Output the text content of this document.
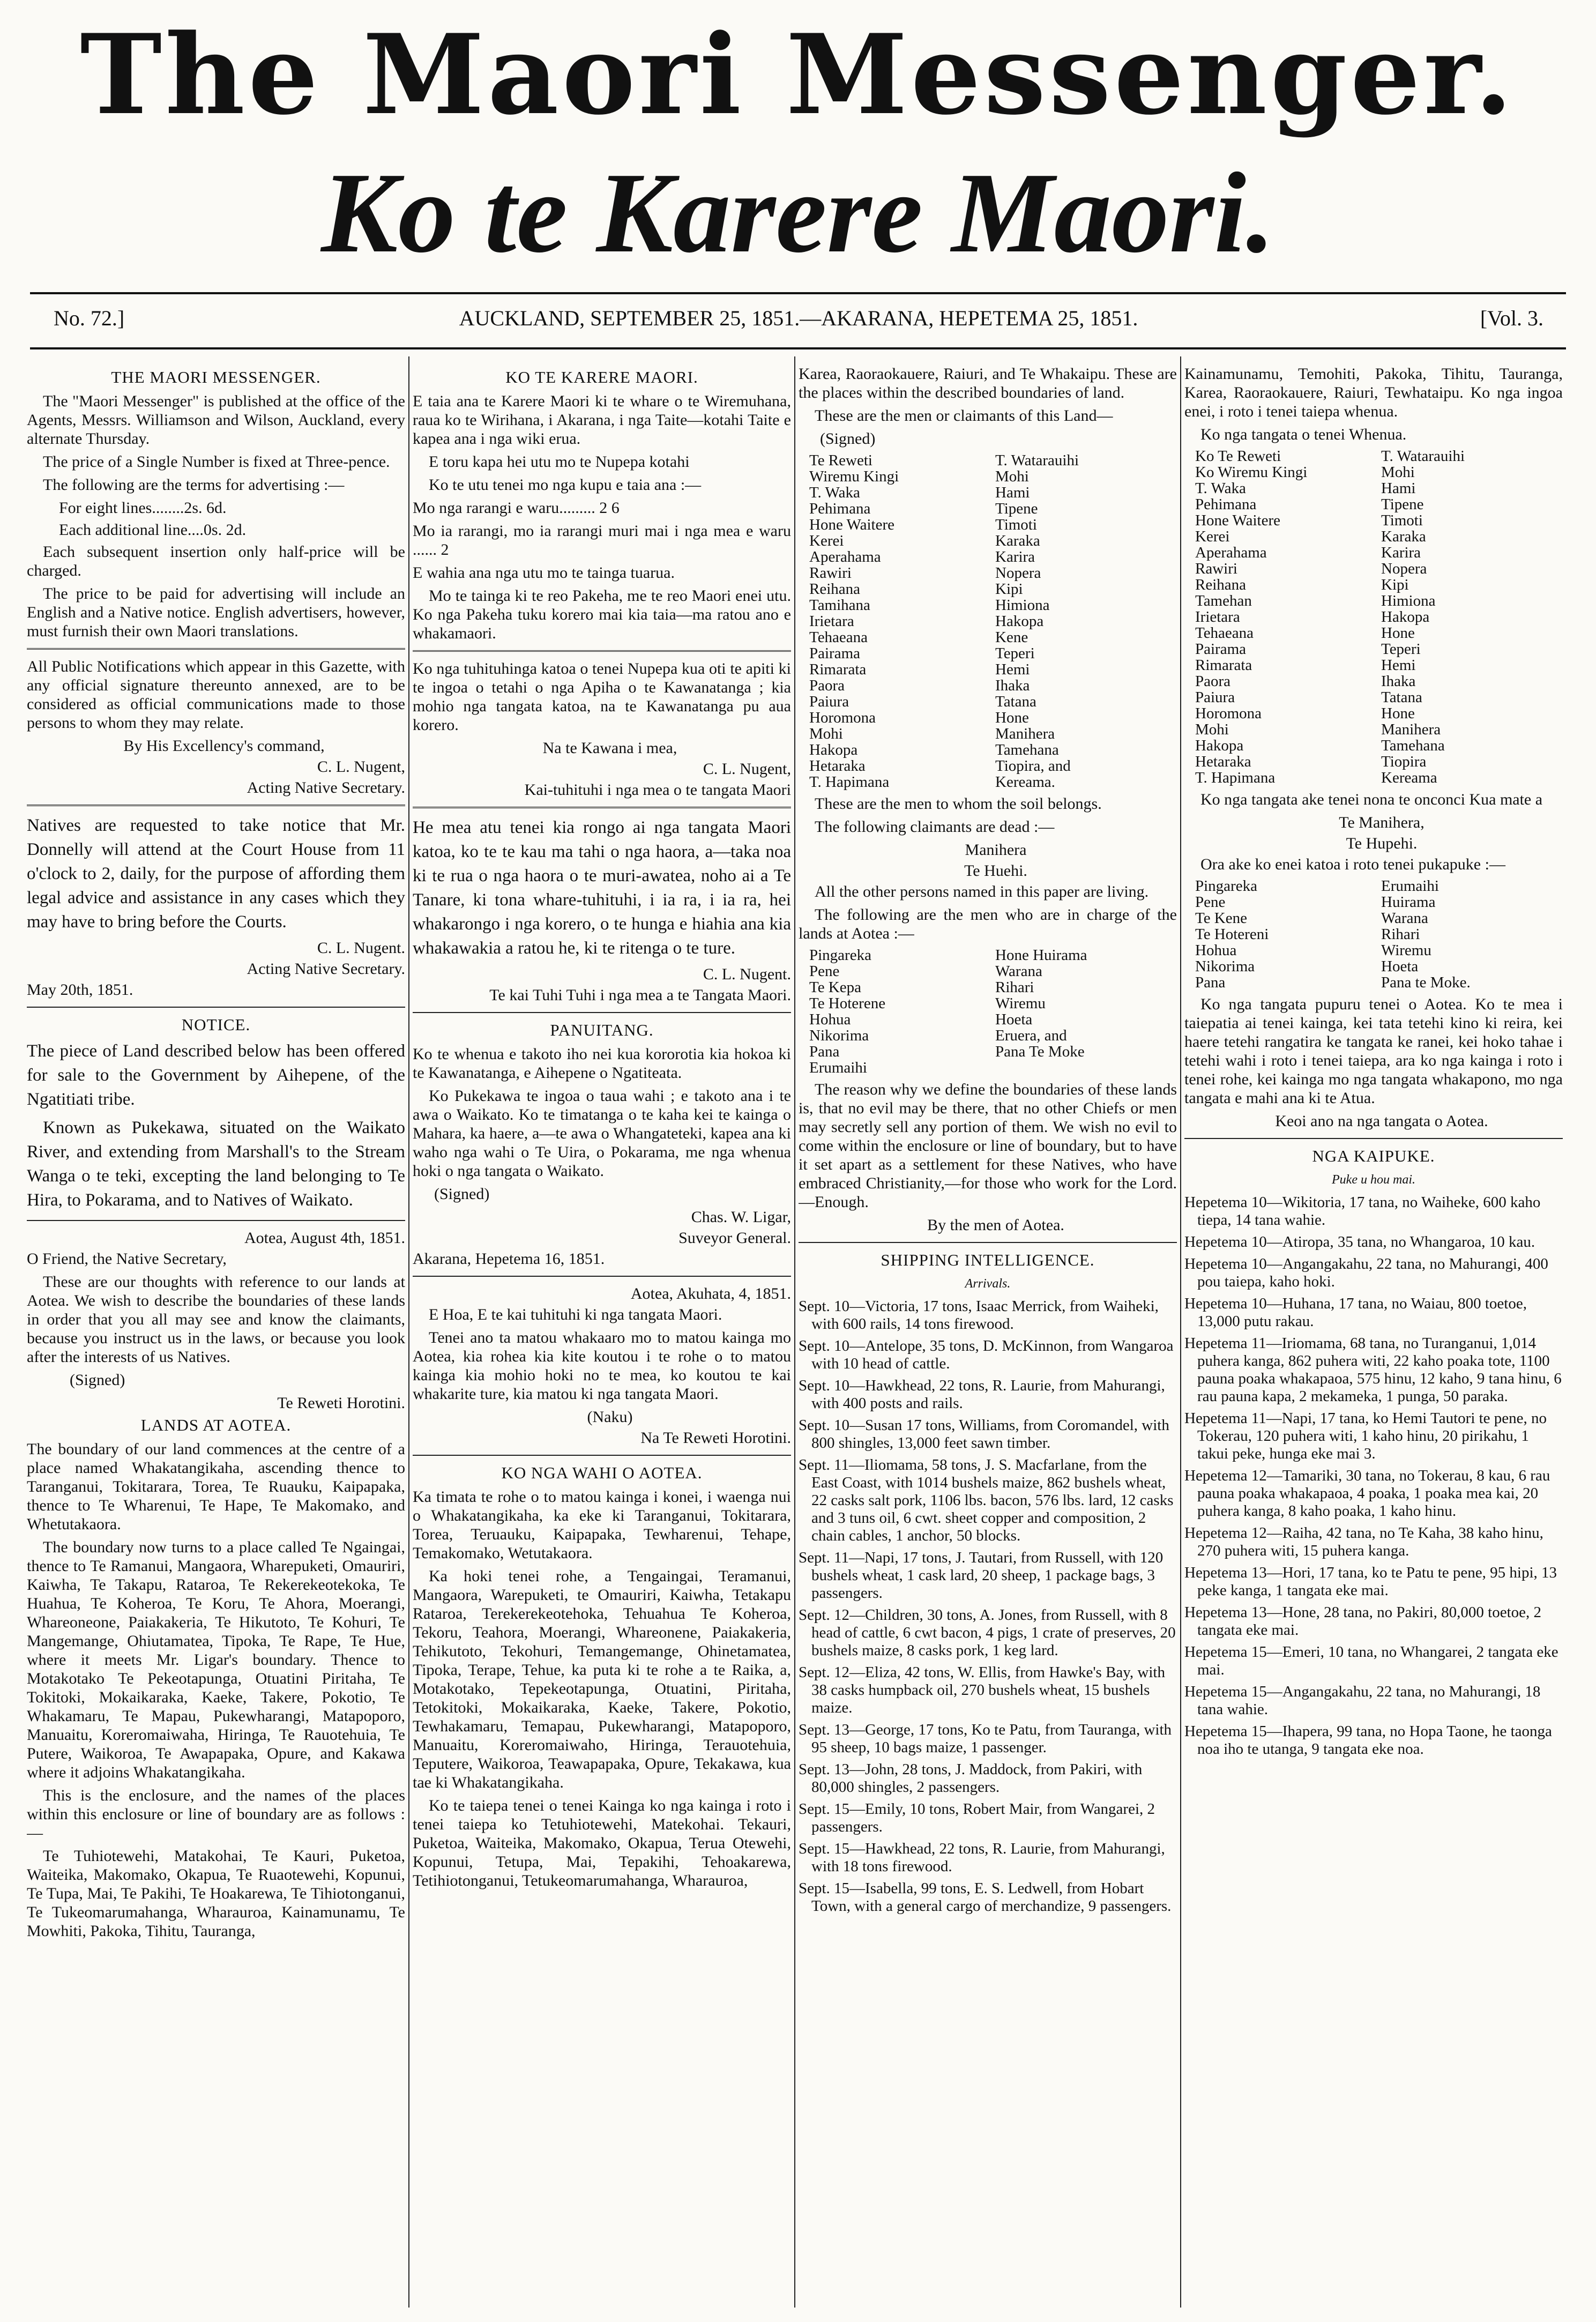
The Maori Messenger.
Ko te Karere Maori.
No. 72.]	AUCKLAND, SEPTEMBER 25, 1851.—AKARANA, HEPETEMA 25, 1851.	[Vol. 3.
THE MAORI MESSENGER.

The "Maori Messenger" is published at the office of the Agents, Messrs. Williamson and Wilson, Auckland, every alternate Thursday.

The price of a Single Number is fixed at Three-pence.

The following are the terms for advertising :—

For eight lines........2s. 6d.

Each additional line....0s. 2d.

Each subsequent insertion only half-price will be charged.

The price to be paid for advertising will include an English and a Native notice. English advertisers, however, must furnish their own Maori translations.

All Public Notifications which appear in this Gazette, with any official signature thereunto annexed, are to be considered as official communications made to those persons to whom they may relate.

By His Excellency's command,

C. L. Nugent,

Acting Native Secretary.

Natives are requested to take notice that Mr. Donnelly will attend at the Court House from 11 o'clock to 2, daily, for the purpose of affording them legal advice and assistance in any cases which they may have to bring before the Courts.

C. L. Nugent.

Acting Native Secretary.

May 20th, 1851.

NOTICE.

The piece of Land described below has been offered for sale to the Government by Aihepene, of the Ngatitiati tribe.

Known as Pukekawa, situated on the Waikato River, and extending from Marshall's to the Stream Wanga o te teki, excepting the land belonging to Te Hira, to Pokarama, and to Natives of Waikato.

Aotea, August 4th, 1851.

O Friend, the Native Secretary,

These are our thoughts with reference to our lands at Aotea. We wish to describe the boundaries of these lands in order that you all may see and know the claimants, because you instruct us in the laws, or because you look after the interests of us Natives.

(Signed)

Te Reweti Horotini.

LANDS AT AOTEA.

The boundary of our land commences at the centre of a place named Whakatangikaha, ascending thence to Taranganui, Tokitarara, Torea, Te Ruauku, Kaipapaka, thence to Te Wharenui, Te Hape, Te Makomako, and Whetutakaora.

The boundary now turns to a place called Te Ngaingai, thence to Te Ramanui, Mangaora, Wharepuketi, Omauriri, Kaiwha, Te Takapu, Rataroa, Te Rekerekeotekoka, Te Huahua, Te Koheroa, Te Koru, Te Ahora, Moerangi, Whareoneone, Paiakakeria, Te Hikutoto, Te Kohuri, Te Mangemange, Ohiutamatea, Tipoka, Te Rape, Te Hue, where it meets Mr. Ligar's boundary. Thence to Motakotako Te Pekeotapunga, Otuatini Piritaha, Te Tokitoki, Mokaikaraka, Kaeke, Takere, Pokotio, Te Whakamaru, Te Mapau, Pukewharangi, Matapoporo, Manuaitu, Koreromaiwaha, Hiringa, Te Rauotehuia, Te Putere, Waikoroa, Te Awapapaka, Opure, and Kakawa where it adjoins Whakatangikaha.

This is the enclosure, and the names of the places within this enclosure or line of boundary are as follows :—

Te Tuhiotewehi, Matakohai, Te Kauri, Puketoa, Waiteika, Makomako, Okapua, Te Ruaotewehi, Kopunui, Te Tupa, Mai, Te Pakihi, Te Hoakarewa, Te Tihiotonganui, Te Tukeomarumahanga, Wharauroa, Kainamunamu, Te Mowhiti, Pakoka, Tihitu, Tauranga,

KO TE KARERE MAORI.

E taia ana te Karere Maori ki te whare o te Wiremuhana, raua ko te Wirihana, i Akarana, i nga Taite—kotahi Taite e kapea ana i nga wiki erua.

E toru kapa hei utu mo te Nupepa kotahi

Ko te utu tenei mo nga kupu e taia ana :—

Mo nga rarangi e waru......... 2 6

Mo ia rarangi, mo ia rarangi muri mai i nga mea e waru ...... 2

E wahia ana nga utu mo te tainga tuarua.

Mo te tainga ki te reo Pakeha, me te reo Maori enei utu. Ko nga Pakeha tuku korero mai kia taia—ma ratou ano e whakamaori.

Ko nga tuhituhinga katoa o tenei Nupepa kua oti te apiti ki te ingoa o tetahi o nga Apiha o te Kawanatanga ; kia mohio nga tangata katoa, na te Kawanatanga pu aua korero.

Na te Kawana i mea,

C. L. Nugent,

Kai-tuhituhi i nga mea o te tangata Maori

He mea atu tenei kia rongo ai nga tangata Maori katoa, ko te te kau ma tahi o nga haora, a—taka noa ki te rua o nga haora o te muri-awatea, noho ai a Te Tanare, ki tona whare-tuhituhi, i ia ra, i ia ra, hei whakarongo i nga korero, o te hunga e hiahia ana kia whakawakia a ratou he, ki te ritenga o te ture.

C. L. Nugent.

Te kai Tuhi Tuhi i nga mea a te Tangata Maori.

PANUITANG.

Ko te whenua e takoto iho nei kua kororotia kia hokoa ki te Kawanatanga, e Aihepene o Ngatiteata.

Ko Pukekawa te ingoa o taua wahi ; e takoto ana i te awa o Waikato. Ko te timatanga o te kaha kei te kainga o Mahara, ka haere, a—te awa o Whangateteki, kapea ana ki waho nga wahi o Te Uira, o Pokarama, me nga whenua hoki o nga tangata o Waikato.

(Signed)

Chas. W. Ligar,

Suveyor General.

Akarana, Hepetema 16, 1851.

Aotea, Akuhata, 4, 1851.

E Hoa, E te kai tuhituhi ki nga tangata Maori.

Tenei ano ta matou whakaaro mo to matou kainga mo Aotea, kia rohea kia kite koutou i te rohe o to matou kainga kia mohio hoki no te mea, ko koutou te kai whakarite ture, kia matou ki nga tangata Maori.

(Naku)

Na Te Reweti Horotini.

KO NGA WAHI O AOTEA.

Ka timata te rohe o to matou kainga i konei, i waenga nui o Whakatangikaha, ka eke ki Taranganui, Tokitarara, Torea, Teruauku, Kaipapaka, Tewharenui, Tehape, Temakomako, Wetutakaora.

Ka hoki tenei rohe, a Tengaingai, Teramanui, Mangaora, Warepuketi, te Omauriri, Kaiwha, Tetakapu Rataroa, Terekerekeotehoka, Tehuahua Te Koheroa, Tekoru, Teahora, Moerangi, Whareonene, Paiakakeria, Tehikutoto, Tekohuri, Temangemange, Ohinetamatea, Tipoka, Terape, Tehue, ka puta ki te rohe a te Raika, a, Motakotako, Tepekeotapunga, Otuatini, Piritaha, Tetokitoki, Mokaikaraka, Kaeke, Takere, Pokotio, Tewhakamaru, Temapau, Pukewharangi, Matapoporo, Manuaitu, Koreromaiwaho, Hiringa, Terauotehuia, Teputere, Waikoroa, Teawapapaka, Opure, Tekakawa, kua tae ki Whakatangikaha.

Ko te taiepa tenei o tenei Kainga ko nga kainga i roto i tenei taiepa ko Tetuhiotewehi, Matekohai. Tekauri, Puketoa, Waiteika, Makomako, Okapua, Terua Otewehi, Kopunui, Tetupa, Mai, Tepakihi, Tehoakarewa, Tetihiotonganui, Tetukeomarumahanga, Wharauroa,

Karea, Raoraokauere, Raiuri, and Te Whakaipu. These are the places within the described boundaries of land.

These are the men or claimants of this Land—

(Signed)

Te Reweti
Wiremu Kingi
T. Waka
Pehimana
Hone Waitere
Kerei
Aperahama
Rawiri
Reihana
Tamihana
Irietara
Tehaeana
Pairama
Rimarata
Paora
Paiura
Horomona
Mohi
Hakopa
Hetaraka
T. Hapimana
T. Watarauihi
Mohi
Hami
Tipene
Timoti
Karaka
Karira
Nopera
Kipi
Himiona
Hakopa
Kene
Teperi
Hemi
Ihaka
Tatana
Hone
Manihera
Tamehana
Tiopira, and
Kereama.

These are the men to whom the soil belongs.

The following claimants are dead :—

Manihera

Te Huehi.

All the other persons named in this paper are living.

The following are the men who are in charge of the lands at Aotea :—

Pingareka
Pene
Te Kepa
Te Hoterene
Hohua
Nikorima
Pana
Erumaihi
Hone Huirama
Warana
Rihari
Wiremu
Hoeta
Eruera, and
Pana Te Moke

The reason why we define the boundaries of these lands is, that no evil may be there, that no other Chiefs or men may secretly sell any portion of them. We wish no evil to come within the enclosure or line of boundary, but to have it set apart as a settlement for these Natives, who have embraced Christianity,—for those who work for the Lord.—Enough.

By the men of Aotea.

SHIPPING INTELLIGENCE.
Arrivals.

Sept. 10—Victoria, 17 tons, Isaac Merrick, from Waiheki, with 600 rails, 14 tons firewood.

Sept. 10—Antelope, 35 tons, D. McKinnon, from Wangaroa with 10 head of cattle.

Sept. 10—Hawkhead, 22 tons, R. Laurie, from Mahurangi, with 400 posts and rails.

Sept. 10—Susan 17 tons, Williams, from Coromandel, with 800 shingles, 13,000 feet sawn timber.

Sept. 11—Iliomama, 58 tons, J. S. Macfarlane, from the East Coast, with 1014 bushels maize, 862 bushels wheat, 22 casks salt pork, 1106 lbs. bacon, 576 lbs. lard, 12 casks and 3 tuns oil, 6 cwt. sheet copper and composition, 2 chain cables, 1 anchor, 50 blocks.

Sept. 11—Napi, 17 tons, J. Tautari, from Russell, with 120 bushels wheat, 1 cask lard, 20 sheep, 1 package bags, 3 passengers.

Sept. 12—Children, 30 tons, A. Jones, from Russell, with 8 head of cattle, 6 cwt bacon, 4 pigs, 1 crate of preserves, 20 bushels maize, 8 casks pork, 1 keg lard.

Sept. 12—Eliza, 42 tons, W. Ellis, from Hawke's Bay, with 38 casks humpback oil, 270 bushels wheat, 15 bushels maize.

Sept. 13—George, 17 tons, Ko te Patu, from Tauranga, with 95 sheep, 10 bags maize, 1 passenger.

Sept. 13—John, 28 tons, J. Maddock, from Pakiri, with 80,000 shingles, 2 passengers.

Sept. 15—Emily, 10 tons, Robert Mair, from Wangarei, 2 passengers.

Sept. 15—Hawkhead, 22 tons, R. Laurie, from Mahurangi, with 18 tons firewood.

Sept. 15—Isabella, 99 tons, E. S. Ledwell, from Hobart Town, with a general cargo of merchandize, 9 passengers.

Kainamunamu, Temohiti, Pakoka, Tihitu, Tauranga, Karea, Raoraokauere, Raiuri, Tewhataipu. Ko nga ingoa enei, i roto i tenei taiepa whenua.

Ko nga tangata o tenei Whenua.

Ko Te Reweti
Ko Wiremu Kingi
T. Waka
Pehimana
Hone Waitere
Kerei
Aperahama
Rawiri
Reihana
Tamehan
Irietara
Tehaeana
Pairama
Rimarata
Paora
Paiura
Horomona
Mohi
Hakopa
Hetaraka
T. Hapimana
T. Watarauihi
Mohi
Hami
Tipene
Timoti
Karaka
Karira
Nopera
Kipi
Himiona
Hakopa
Hone
Teperi
Hemi
Ihaka
Tatana
Hone
Manihera
Tamehana
Tiopira
Kereama

Ko nga tangata ake tenei nona te onconci Kua mate a

Te Manihera,

Te Hupehi.

Ora ake ko enei katoa i roto tenei pukapuke :—

Pingareka
Pene
Te Kene
Te Hotereni
Hohua
Nikorima
Pana
Erumaihi
Huirama
Warana
Rihari
Wiremu
Hoeta
Pana te Moke.

Ko nga tangata pupuru tenei o Aotea. Ko te mea i taiepatia ai tenei kainga, kei tata tetehi kino ki reira, kei haere tetehi rangatira ke tangata ke ranei, kei hoko tahae i tetehi wahi i roto i tenei taiepa, ara ko nga kainga i roto i tenei rohe, kei kainga mo nga tangata whakapono, mo nga tangata e mahi ana ki te Atua.

Keoi ano na nga tangata o Aotea.

NGA KAIPUKE.
Puke u hou mai.

Hepetema 10—Wikitoria, 17 tana, no Waiheke, 600 kaho tiepa, 14 tana wahie.

Hepetema 10—Atiropa, 35 tana, no Whangaroa, 10 kau.

Hepetema 10—Angangakahu, 22 tana, no Mahurangi, 400 pou taiepa, kaho hoki.

Hepetema 10—Huhana, 17 tana, no Waiau, 800 toetoe, 13,000 putu rakau.

Hepetema 11—Iriomama, 68 tana, no Turanganui, 1,014 puhera kanga, 862 puhera witi, 22 kaho poaka tote, 1100 pauna poaka whakapaoa, 575 hinu, 12 kaho, 9 tana hinu, 6 rau pauna kapa, 2 mekameka, 1 punga, 50 paraka.

Hepetema 11—Napi, 17 tana, ko Hemi Tautori te pene, no Tokerau, 120 puhera witi, 1 kaho hinu, 20 pirikahu, 1 takui peke, hunga eke mai 3.

Hepetema 12—Tamariki, 30 tana, no Tokerau, 8 kau, 6 rau pauna poaka whakapaoa, 4 poaka, 1 poaka mea kai, 20 puhera kanga, 8 kaho poaka, 1 kaho hinu.

Hepetema 12—Raiha, 42 tana, no Te Kaha, 38 kaho hinu, 270 puhera witi, 15 puhera kanga.

Hepetema 13—Hori, 17 tana, ko te Patu te pene, 95 hipi, 13 peke kanga, 1 tangata eke mai.

Hepetema 13—Hone, 28 tana, no Pakiri, 80,000 toetoe, 2 tangata eke mai.

Hepetema 15—Emeri, 10 tana, no Whangarei, 2 tangata eke mai.

Hepetema 15—Angangakahu, 22 tana, no Mahurangi, 18 tana wahie.

Hepetema 15—Ihapera, 99 tana, no Hopa Taone, he taonga noa iho te utanga, 9 tangata eke noa.
